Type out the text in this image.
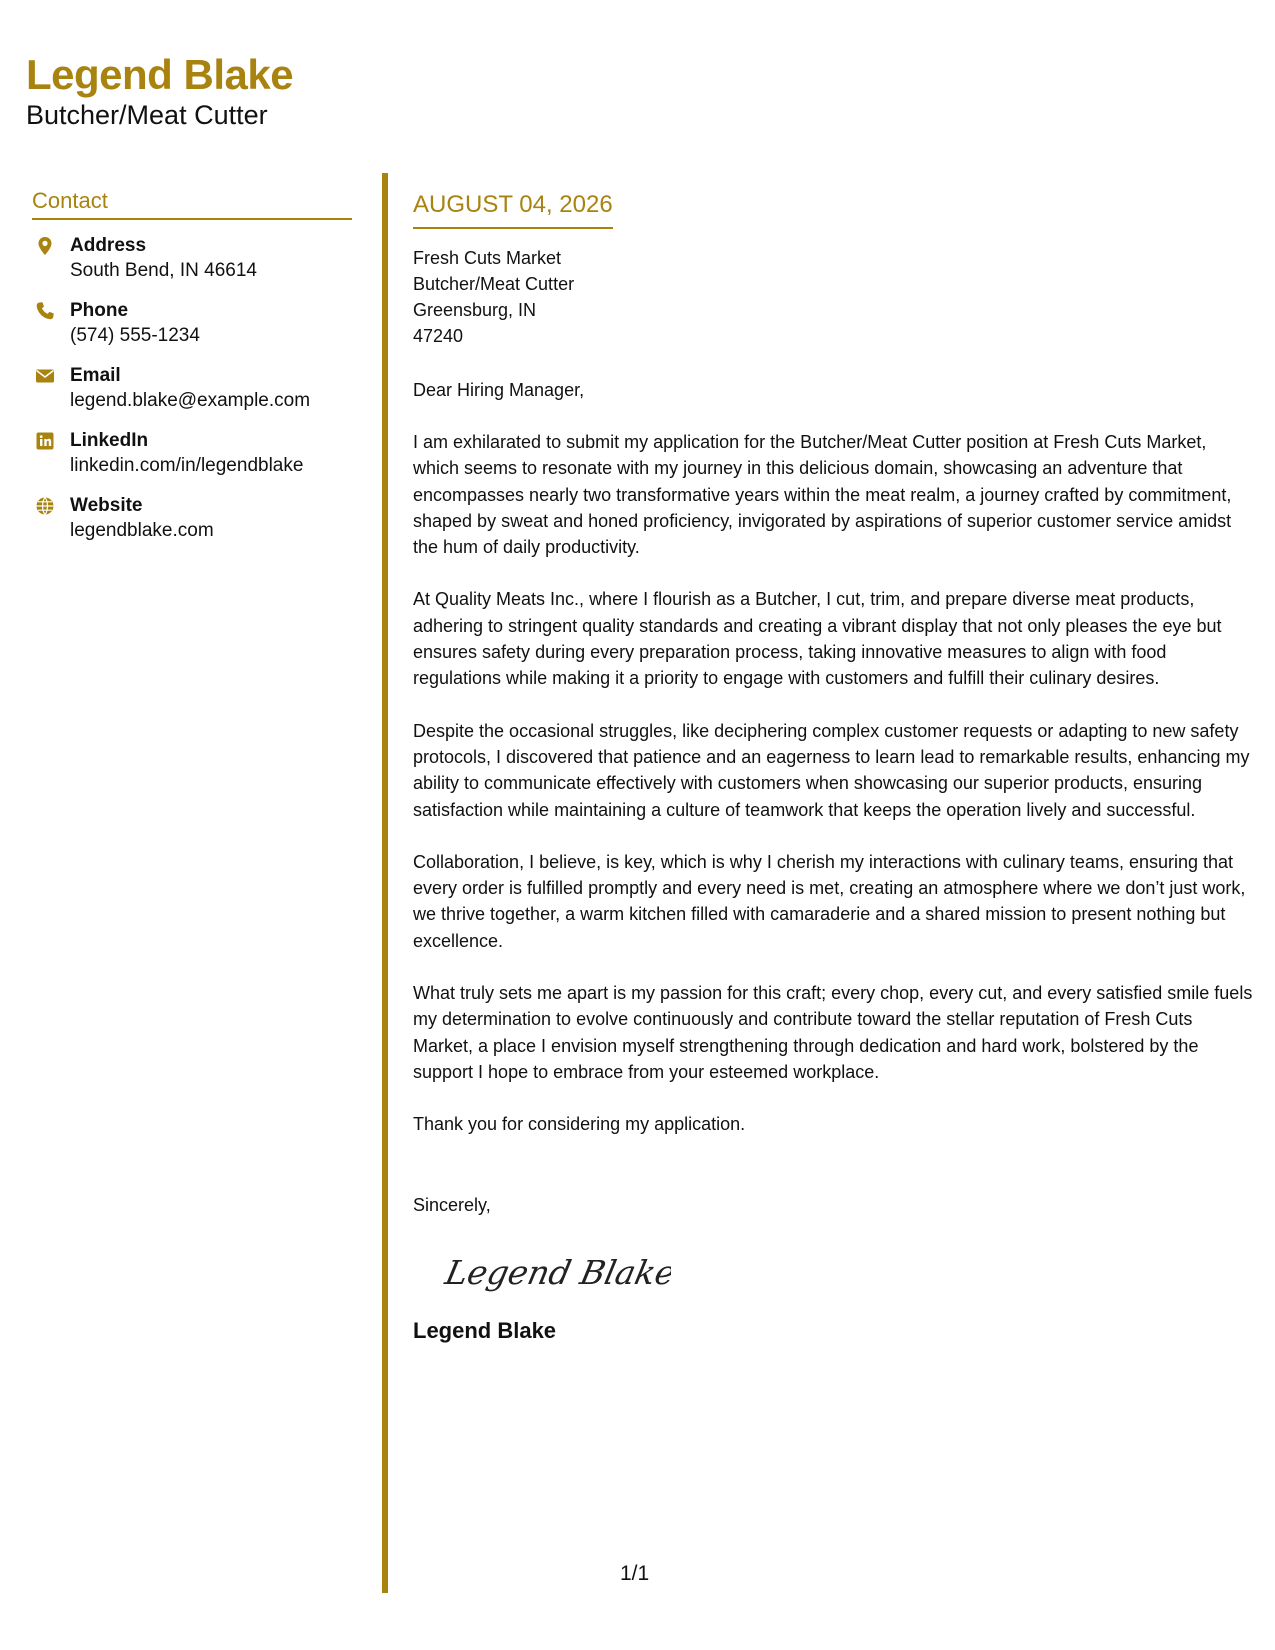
Legend Blake
Butcher/Meat Cutter
Contact
Address
South Bend, IN 46614
Phone
(574) 555-1234
Email
legend.blake@example.com
LinkedIn
linkedin.com/in/legendblake
Website
legendblake.com
AUGUST 04, 2026
Fresh Cuts Market
Butcher/Meat Cutter
Greensburg, IN
47240
Dear Hiring Manager,
I am exhilarated to submit my application for the Butcher/Meat Cutter position at Fresh Cuts Market, which seems to resonate with my journey in this delicious domain, showcasing an adventure that encompasses nearly two transformative years within the meat realm, a journey crafted by commitment, shaped by sweat and honed proficiency, invigorated by aspirations of superior customer service amidst the hum of daily productivity.
At Quality Meats Inc., where I flourish as a Butcher, I cut, trim, and prepare diverse meat products, adhering to stringent quality standards and creating a vibrant display that not only pleases the eye but ensures safety during every preparation process, taking innovative measures to align with food regulations while making it a priority to engage with customers and fulfill their culinary desires.
Despite the occasional struggles, like deciphering complex customer requests or adapting to new safety protocols, I discovered that patience and an eagerness to learn lead to remarkable results, enhancing my ability to communicate effectively with customers when showcasing our superior products, ensuring satisfaction while maintaining a culture of teamwork that keeps the operation lively and successful.
Collaboration, I believe, is key, which is why I cherish my interactions with culinary teams, ensuring that every order is fulfilled promptly and every need is met, creating an atmosphere where we don’t just work, we thrive together, a warm kitchen filled with camaraderie and a shared mission to present nothing but excellence.
What truly sets me apart is my passion for this craft; every chop, every cut, and every satisfied smile fuels my determination to evolve continuously and contribute toward the stellar reputation of Fresh Cuts Market, a place I envision myself strengthening through dedication and hard work, bolstered by the support I hope to embrace from your esteemed workplace.
Thank you for considering my application.
Sincerely,
Legend Blake
Legend Blake
1/1
